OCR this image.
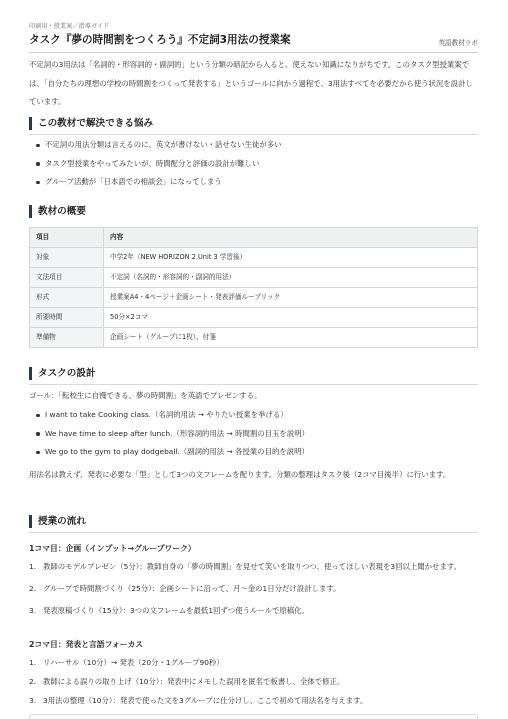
印刷用・授業案／指導ガイド
タスク『夢の時間割をつくろう』不定詞3用法の授業案	英語教材ラボ

不定詞の3用法は「名詞的・形容詞的・副詞的」という分類の暗記から入ると、使えない知識になりがちです。このタスク型授業案では、「自分たちの理想の学校の時間割をつくって発表する」というゴールに向かう過程で、3用法すべてを必要だから使う状況を設計しています。

この教材で解決できる悩み
不定詞の用法分類は言えるのに、英文が書けない・話せない生徒が多い
タスク型授業をやってみたいが、時間配分と評価の設計が難しい
グループ活動が「日本語での相談会」になってしまう
教材の概要
項目	内容
対象	中学2年（NEW HORIZON 2 Unit 3 学習後）
文法項目	不定詞（名詞的・形容詞的・副詞的用法）
形式	授業案A4・4ページ＋企画シート・発表評価ルーブリック
所要時間	50分×2コマ
準備物	企画シート（グループに1枚）、付箋
タスクの設計
ゴール：「転校生に自慢できる、夢の時間割」を英語でプレゼンする。
I want to take Cooking class.（名詞的用法 → やりたい授業を挙げる）
We have time to sleep after lunch.（形容詞的用法 → 時間割の目玉を説明）
We go to the gym to play dodgeball.（副詞的用法 → 各授業の目的を説明）

用法名は教えず、発表に必要な「型」として3つの文フレームを配ります。分類の整理はタスク後（2コマ目後半）に行います。

授業の流れ
1コマ目：企画（インプット→グループワーク）
1. 教師のモデルプレゼン（5分）：教師自身の「夢の時間割」を見せて笑いを取りつつ、使ってほしい表現を3回以上聞かせます。
2. グループで時間割づくり（25分）：企画シートに沿って、月～金の1日分だけ設計します。
3. 発表原稿づくり（15分）：3つの文フレームを最低1回ずつ使うルールで原稿化。
2コマ目：発表と言語フォーカス
1. リハーサル（10分）→ 発表（20分・1グループ90秒）
2. 教師による誤りの取り上げ（10分）：発表中にメモした誤用を匿名で板書し、全体で修正。
3. 3用法の整理（10分）：発表で使った文を3グループに仕分けし、ここで初めて用法名を与えます。
